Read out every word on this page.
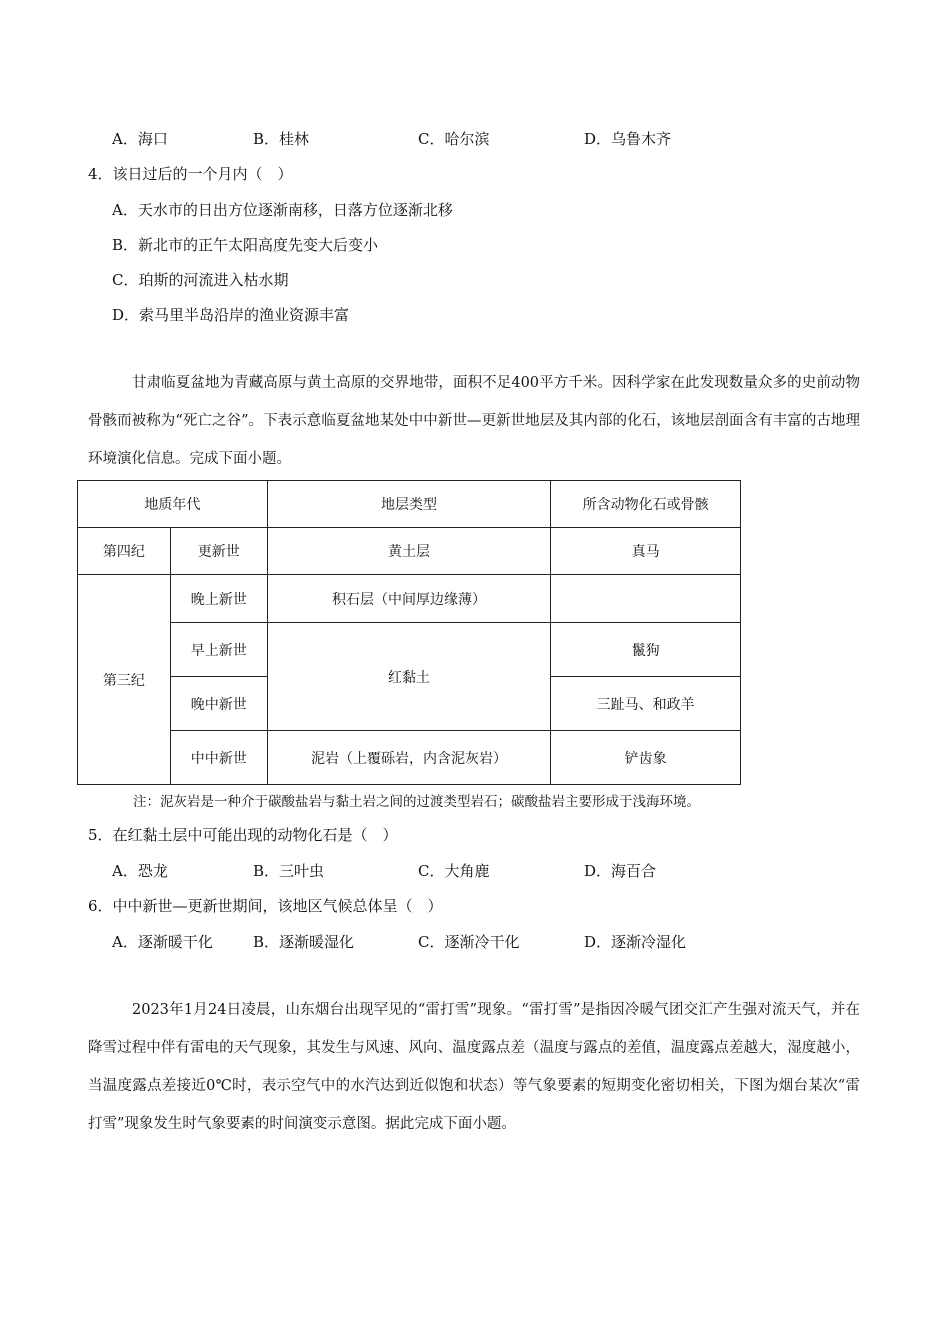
A．海口	B．桂林	C．哈尔滨	D．乌鲁木齐
4．该日过后的一个月内（　）
A．天水市的日出方位逐渐南移，日落方位逐渐北移
B．新北市的正午太阳高度先变大后变小
C．珀斯的河流进入枯水期
D．索马里半岛沿岸的渔业资源丰富

甘肃临夏盆地为青藏高原与黄土高原的交界地带，面积不足400平方千米。因科学家在此发现数量众多的史前动物骨骸而被称为“死亡之谷”。下表示意临夏盆地某处中中新世—更新世地层及其内部的化石，该地层剖面含有丰富的古地理环境演化信息。完成下面小题。

地质年代		地层类型	所含动物化石或骨骸
第四纪	更新世	黄土层	真马
第三纪	晚上新世	积石层（中间厚边缘薄）	
	早上新世	红黏土	鬣狗
	晚中新世		三趾马、和政羊
	中中新世	泥岩（上覆砾岩，内含泥灰岩）	铲齿象
注：泥灰岩是一种介于碳酸盐岩与黏土岩之间的过渡类型岩石；碳酸盐岩主要形成于浅海环境。
5．在红黏土层中可能出现的动物化石是（　）
A．恐龙	B．三叶虫	C．大角鹿	D．海百合
6．中中新世—更新世期间，该地区气候总体呈（　）
A．逐渐暖干化	B．逐渐暖湿化	C．逐渐冷干化	D．逐渐冷湿化

2023年1月24日凌晨，山东烟台出现罕见的“雷打雪”现象。“雷打雪”是指因冷暖气团交汇产生强对流天气，并在降雪过程中伴有雷电的天气现象，其发生与风速、风向、温度露点差（温度与露点的差值，温度露点差越大，湿度越小，当温度露点差接近0℃时，表示空气中的水汽达到近似饱和状态）等气象要素的短期变化密切相关，下图为烟台某次“雷打雪”现象发生时气象要素的时间演变示意图。据此完成下面小题。
